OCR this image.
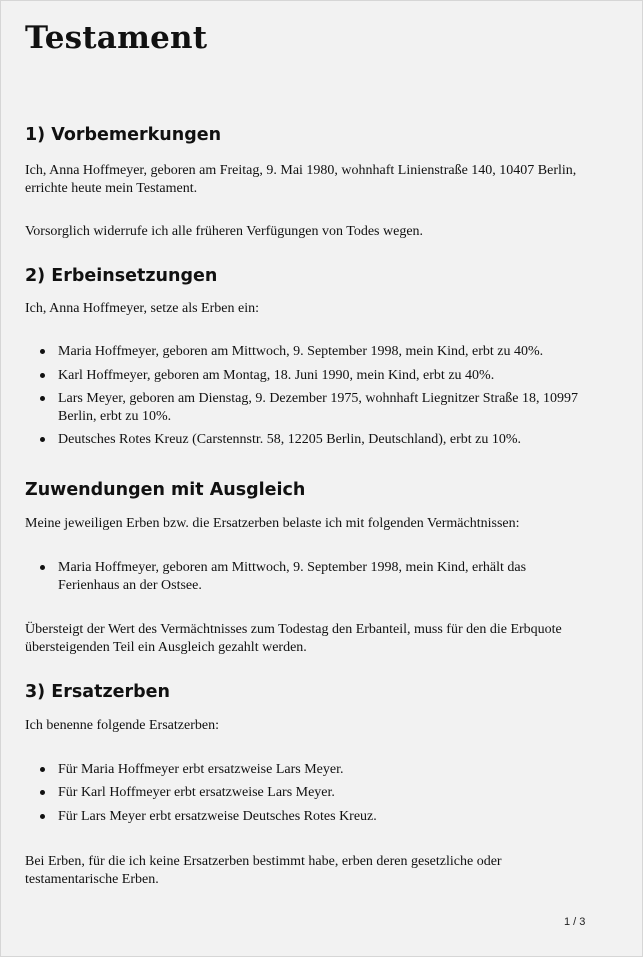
Testament
1) Vorbemerkungen

Ich, Anna Hoffmeyer, geboren am Freitag, 9. Mai 1980, wohnhaft Linienstraße 140, 10407 Berlin, errichte heute mein Testament.

Vorsorglich widerrufe ich alle früheren Verfügungen von Todes wegen.

2) Erbeinsetzungen

Ich, Anna Hoffmeyer, setze als Erben ein:

Maria Hoffmeyer, geboren am Mittwoch, 9. September 1998, mein Kind, erbt zu 40%.
Karl Hoffmeyer, geboren am Montag, 18. Juni 1990, mein Kind, erbt zu 40%.
Lars Meyer, geboren am Dienstag, 9. Dezember 1975, wohnhaft Liegnitzer Straße 18, 10997 Berlin, erbt zu 10%.
Deutsches Rotes Kreuz (Carstennstr. 58, 12205 Berlin, Deutschland), erbt zu 10%.
Zuwendungen mit Ausgleich

Meine jeweiligen Erben bzw. die Ersatzerben belaste ich mit folgenden Vermächtnissen:

Maria Hoffmeyer, geboren am Mittwoch, 9. September 1998, mein Kind, erhält das Ferienhaus an der Ostsee.

Übersteigt der Wert des Vermächtnisses zum Todestag den Erbanteil, muss für den die Erbquote übersteigenden Teil ein Ausgleich gezahlt werden.

3) Ersatzerben

Ich benenne folgende Ersatzerben:

Für Maria Hoffmeyer erbt ersatzweise Lars Meyer.
Für Karl Hoffmeyer erbt ersatzweise Lars Meyer.
Für Lars Meyer erbt ersatzweise Deutsches Rotes Kreuz.

Bei Erben, für die ich keine Ersatzerben bestimmt habe, erben deren gesetzliche oder testamentarische Erben.

1 / 3
